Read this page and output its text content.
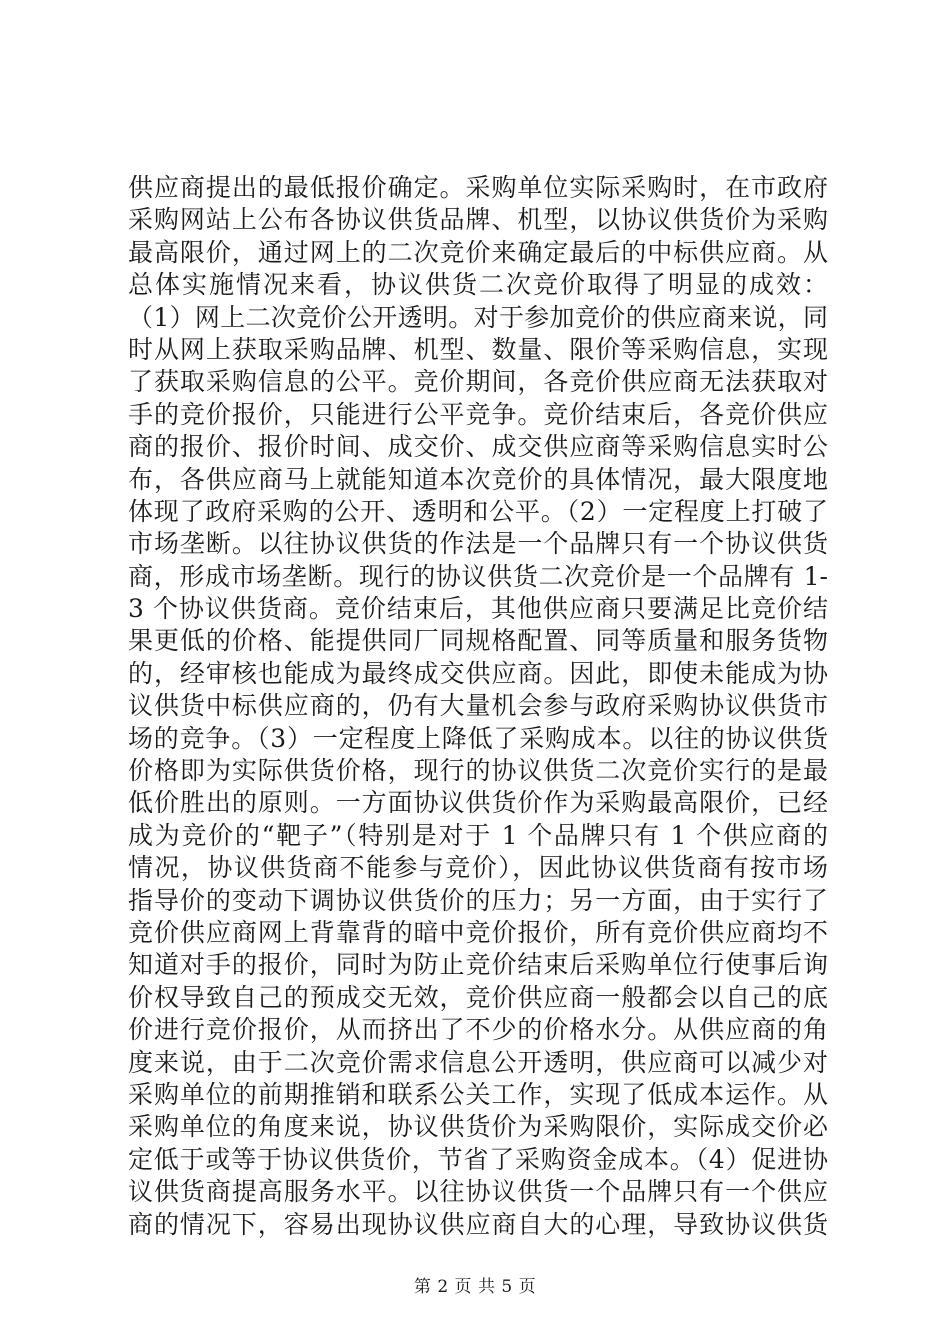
供应商提出的最低报价确定。采购单位实际采购时，在市政府
采购网站上公布各协议供货品牌、机型，以协议供货价为采购
最高限价，通过网上的二次竞价来确定最后的中标供应商。从
总体实施情况来看，协议供货二次竞价取得了明显的成效：
（1）网上二次竞价公开透明。对于参加竞价的供应商来说，同
时从网上获取采购品牌、机型、数量、限价等采购信息，实现
了获取采购信息的公平。竞价期间，各竞价供应商无法获取对
手的竞价报价，只能进行公平竞争。竞价结束后，各竞价供应
商的报价、报价时间、成交价、成交供应商等采购信息实时公
布，各供应商马上就能知道本次竞价的具体情况，最大限度地
体现了政府采购的公开、透明和公平。（2）一定程度上打破了
市场垄断。以往协议供货的作法是一个品牌只有一个协议供货
商，形成市场垄断。现行的协议供货二次竞价是一个品牌有 1-
3 个协议供货商。竞价结束后，其他供应商只要满足比竞价结
果更低的价格、能提供同厂同规格配置、同等质量和服务货物
的，经审核也能成为最终成交供应商。因此，即使未能成为协
议供货中标供应商的，仍有大量机会参与政府采购协议供货市
场的竞争。（3）一定程度上降低了采购成本。以往的协议供货
价格即为实际供货价格，现行的协议供货二次竞价实行的是最
低价胜出的原则。一方面协议供货价作为采购最高限价，已经
成为竞价的“靶子”（特别是对于 1 个品牌只有 1 个供应商的
情况，协议供货商不能参与竞价），因此协议供货商有按市场
指导价的变动下调协议供货价的压力；另一方面，由于实行了
竞价供应商网上背靠背的暗中竞价报价，所有竞价供应商均不
知道对手的报价，同时为防止竞价结束后采购单位行使事后询
价权导致自己的预成交无效，竞价供应商一般都会以自己的底
价进行竞价报价，从而挤出了不少的价格水分。从供应商的角
度来说，由于二次竞价需求信息公开透明，供应商可以减少对
采购单位的前期推销和联系公关工作，实现了低成本运作。从
采购单位的角度来说，协议供货价为采购限价，实际成交价必
定低于或等于协议供货价，节省了采购资金成本。（4）促进协
议供货商提高服务水平。以往协议供货一个品牌只有一个供应
商的情况下，容易出现协议供应商自大的心理，导致协议供货
第 2 页 共 5 页
